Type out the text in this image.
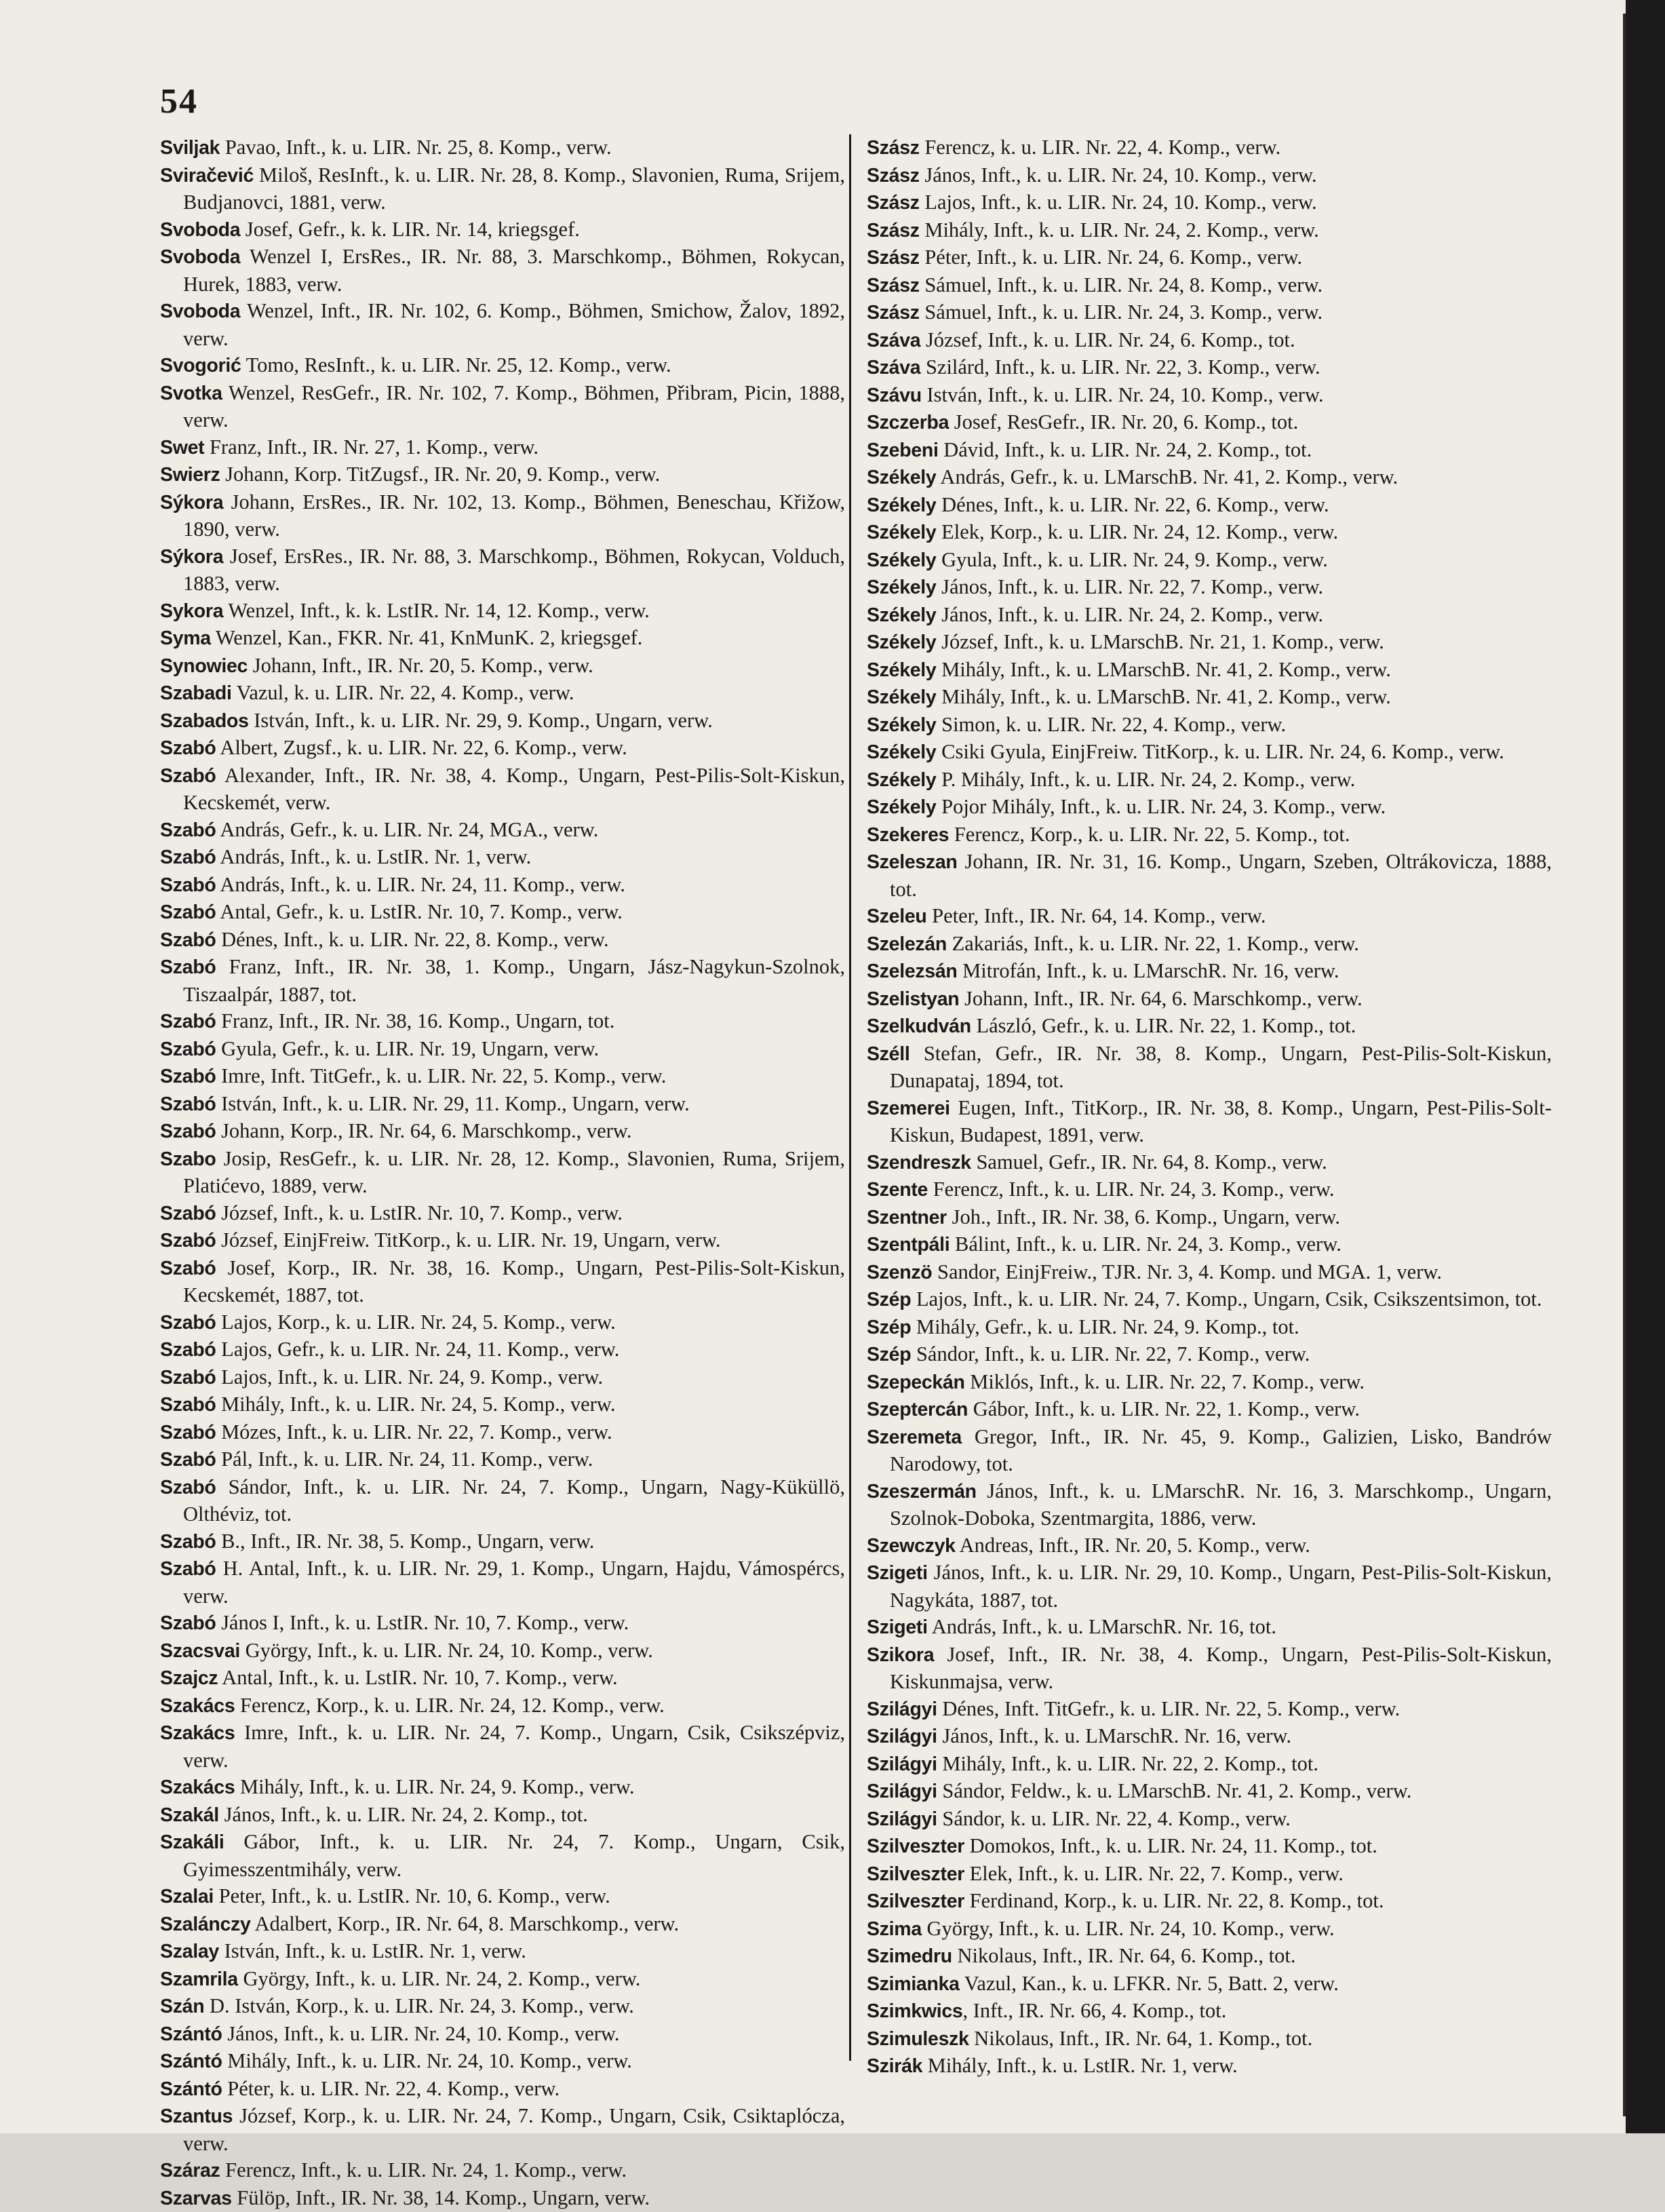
54
Sviljak Pavao, Inft., k. u. LIR. Nr. 25, 8. Komp., verw.
Sviračević Miloš, ResInft., k. u. LIR. Nr. 28, 8. Komp., Slavonien, Ruma, Srijem, Budjanovci, 1881, verw.
Svoboda Josef, Gefr., k. k. LIR. Nr. 14, kriegsgef.
Svoboda Wenzel I, ErsRes., IR. Nr. 88, 3. Marschkomp., Böhmen, Rokycan, Hurek, 1883, verw.
Svoboda Wenzel, Inft., IR. Nr. 102, 6. Komp., Böhmen, Smichow, Žalov, 1892, verw.
Svogorić Tomo, ResInft., k. u. LIR. Nr. 25, 12. Komp., verw.
Svotka Wenzel, ResGefr., IR. Nr. 102, 7. Komp., Böhmen, Přibram, Picin, 1888, verw.
Swet Franz, Inft., IR. Nr. 27, 1. Komp., verw.
Swierz Johann, Korp. TitZugsf., IR. Nr. 20, 9. Komp., verw.
Sýkora Johann, ErsRes., IR. Nr. 102, 13. Komp., Böhmen, Beneschau, Křižow, 1890, verw.
Sýkora Josef, ErsRes., IR. Nr. 88, 3. Marschkomp., Böhmen, Rokycan, Volduch, 1883, verw.
Sykora Wenzel, Inft., k. k. LstIR. Nr. 14, 12. Komp., verw.
Syma Wenzel, Kan., FKR. Nr. 41, KnMunK. 2, kriegsgef.
Synowiec Johann, Inft., IR. Nr. 20, 5. Komp., verw.
Szabadi Vazul, k. u. LIR. Nr. 22, 4. Komp., verw.
Szabados István, Inft., k. u. LIR. Nr. 29, 9. Komp., Ungarn, verw.
Szabó Albert, Zugsf., k. u. LIR. Nr. 22, 6. Komp., verw.
Szabó Alexander, Inft., IR. Nr. 38, 4. Komp., Ungarn, Pest-Pilis-Solt-Kiskun, Kecskemét, verw.
Szabó András, Gefr., k. u. LIR. Nr. 24, MGA., verw.
Szabó András, Inft., k. u. LstIR. Nr. 1, verw.
Szabó András, Inft., k. u. LIR. Nr. 24, 11. Komp., verw.
Szabó Antal, Gefr., k. u. LstIR. Nr. 10, 7. Komp., verw.
Szabó Dénes, Inft., k. u. LIR. Nr. 22, 8. Komp., verw.
Szabó Franz, Inft., IR. Nr. 38, 1. Komp., Ungarn, Jász-Nagykun-Szolnok, Tiszaalpár, 1887, tot.
Szabó Franz, Inft., IR. Nr. 38, 16. Komp., Ungarn, tot.
Szabó Gyula, Gefr., k. u. LIR. Nr. 19, Ungarn, verw.
Szabó Imre, Inft. TitGefr., k. u. LIR. Nr. 22, 5. Komp., verw.
Szabó István, Inft., k. u. LIR. Nr. 29, 11. Komp., Ungarn, verw.
Szabó Johann, Korp., IR. Nr. 64, 6. Marschkomp., verw.
Szabo Josip, ResGefr., k. u. LIR. Nr. 28, 12. Komp., Slavonien, Ruma, Srijem, Platićevo, 1889, verw.
Szabó József, Inft., k. u. LstIR. Nr. 10, 7. Komp., verw.
Szabó József, EinjFreiw. TitKorp., k. u. LIR. Nr. 19, Ungarn, verw.
Szabó Josef, Korp., IR. Nr. 38, 16. Komp., Ungarn, Pest-Pilis-Solt-Kiskun, Kecskemét, 1887, tot.
Szabó Lajos, Korp., k. u. LIR. Nr. 24, 5. Komp., verw.
Szabó Lajos, Gefr., k. u. LIR. Nr. 24, 11. Komp., verw.
Szabó Lajos, Inft., k. u. LIR. Nr. 24, 9. Komp., verw.
Szabó Mihály, Inft., k. u. LIR. Nr. 24, 5. Komp., verw.
Szabó Mózes, Inft., k. u. LIR. Nr. 22, 7. Komp., verw.
Szabó Pál, Inft., k. u. LIR. Nr. 24, 11. Komp., verw.
Szabó Sándor, Inft., k. u. LIR. Nr. 24, 7. Komp., Ungarn, Nagy-Küküllö, Olthéviz, tot.
Szabó B., Inft., IR. Nr. 38, 5. Komp., Ungarn, verw.
Szabó H. Antal, Inft., k. u. LIR. Nr. 29, 1. Komp., Ungarn, Hajdu, Vámospércs, verw.
Szabó János I, Inft., k. u. LstIR. Nr. 10, 7. Komp., verw.
Szacsvai György, Inft., k. u. LIR. Nr. 24, 10. Komp., verw.
Szajcz Antal, Inft., k. u. LstIR. Nr. 10, 7. Komp., verw.
Szakács Ferencz, Korp., k. u. LIR. Nr. 24, 12. Komp., verw.
Szakács Imre, Inft., k. u. LIR. Nr. 24, 7. Komp., Ungarn, Csik, Csikszépviz, verw.
Szakács Mihály, Inft., k. u. LIR. Nr. 24, 9. Komp., verw.
Szakál János, Inft., k. u. LIR. Nr. 24, 2. Komp., tot.
Szakáli Gábor, Inft., k. u. LIR. Nr. 24, 7. Komp., Ungarn, Csik, Gyimesszentmihály, verw.
Szalai Peter, Inft., k. u. LstIR. Nr. 10, 6. Komp., verw.
Szalánczy Adalbert, Korp., IR. Nr. 64, 8. Marschkomp., verw.
Szalay István, Inft., k. u. LstIR. Nr. 1, verw.
Szamrila György, Inft., k. u. LIR. Nr. 24, 2. Komp., verw.
Szán D. István, Korp., k. u. LIR. Nr. 24, 3. Komp., verw.
Szántó János, Inft., k. u. LIR. Nr. 24, 10. Komp., verw.
Szántó Mihály, Inft., k. u. LIR. Nr. 24, 10. Komp., verw.
Szántó Péter, k. u. LIR. Nr. 22, 4. Komp., verw.
Szantus József, Korp., k. u. LIR. Nr. 24, 7. Komp., Ungarn, Csik, Csiktaplócza, verw.
Száraz Ferencz, Inft., k. u. LIR. Nr. 24, 1. Komp., verw.
Szarvas Fülöp, Inft., IR. Nr. 38, 14. Komp., Ungarn, verw.
Szász Ferencz, k. u. LIR. Nr. 22, 4. Komp., verw.
Szász János, Inft., k. u. LIR. Nr. 24, 10. Komp., verw.
Szász Lajos, Inft., k. u. LIR. Nr. 24, 10. Komp., verw.
Szász Mihály, Inft., k. u. LIR. Nr. 24, 2. Komp., verw.
Szász Péter, Inft., k. u. LIR. Nr. 24, 6. Komp., verw.
Szász Sámuel, Inft., k. u. LIR. Nr. 24, 8. Komp., verw.
Szász Sámuel, Inft., k. u. LIR. Nr. 24, 3. Komp., verw.
Száva József, Inft., k. u. LIR. Nr. 24, 6. Komp., tot.
Száva Szilárd, Inft., k. u. LIR. Nr. 22, 3. Komp., verw.
Szávu István, Inft., k. u. LIR. Nr. 24, 10. Komp., verw.
Szczerba Josef, ResGefr., IR. Nr. 20, 6. Komp., tot.
Szebeni Dávid, Inft., k. u. LIR. Nr. 24, 2. Komp., tot.
Székely András, Gefr., k. u. LMarschB. Nr. 41, 2. Komp., verw.
Székely Dénes, Inft., k. u. LIR. Nr. 22, 6. Komp., verw.
Székely Elek, Korp., k. u. LIR. Nr. 24, 12. Komp., verw.
Székely Gyula, Inft., k. u. LIR. Nr. 24, 9. Komp., verw.
Székely János, Inft., k. u. LIR. Nr. 22, 7. Komp., verw.
Székely János, Inft., k. u. LIR. Nr. 24, 2. Komp., verw.
Székely József, Inft., k. u. LMarschB. Nr. 21, 1. Komp., verw.
Székely Mihály, Inft., k. u. LMarschB. Nr. 41, 2. Komp., verw.
Székely Mihály, Inft., k. u. LMarschB. Nr. 41, 2. Komp., verw.
Székely Simon, k. u. LIR. Nr. 22, 4. Komp., verw.
Székely Csiki Gyula, EinjFreiw. TitKorp., k. u. LIR. Nr. 24, 6. Komp., verw.
Székely P. Mihály, Inft., k. u. LIR. Nr. 24, 2. Komp., verw.
Székely Pojor Mihály, Inft., k. u. LIR. Nr. 24, 3. Komp., verw.
Szekeres Ferencz, Korp., k. u. LIR. Nr. 22, 5. Komp., tot.
Szeleszan Johann, IR. Nr. 31, 16. Komp., Ungarn, Szeben, Oltrákovicza, 1888, tot.
Szeleu Peter, Inft., IR. Nr. 64, 14. Komp., verw.
Szelezán Zakariás, Inft., k. u. LIR. Nr. 22, 1. Komp., verw.
Szelezsán Mitrofán, Inft., k. u. LMarschR. Nr. 16, verw.
Szelistyan Johann, Inft., IR. Nr. 64, 6. Marschkomp., verw.
Szelkudván László, Gefr., k. u. LIR. Nr. 22, 1. Komp., tot.
Széll Stefan, Gefr., IR. Nr. 38, 8. Komp., Ungarn, Pest-Pilis-Solt-Kiskun, Dunapataj, 1894, tot.
Szemerei Eugen, Inft., TitKorp., IR. Nr. 38, 8. Komp., Ungarn, Pest-Pilis-Solt-Kiskun, Budapest, 1891, verw.
Szendreszk Samuel, Gefr., IR. Nr. 64, 8. Komp., verw.
Szente Ferencz, Inft., k. u. LIR. Nr. 24, 3. Komp., verw.
Szentner Joh., Inft., IR. Nr. 38, 6. Komp., Ungarn, verw.
Szentpáli Bálint, Inft., k. u. LIR. Nr. 24, 3. Komp., verw.
Szenzö Sandor, EinjFreiw., TJR. Nr. 3, 4. Komp. und MGA. 1, verw.
Szép Lajos, Inft., k. u. LIR. Nr. 24, 7. Komp., Ungarn, Csik, Csikszentsimon, tot.
Szép Mihály, Gefr., k. u. LIR. Nr. 24, 9. Komp., tot.
Szép Sándor, Inft., k. u. LIR. Nr. 22, 7. Komp., verw.
Szepeckán Miklós, Inft., k. u. LIR. Nr. 22, 7. Komp., verw.
Szeptercán Gábor, Inft., k. u. LIR. Nr. 22, 1. Komp., verw.
Szeremeta Gregor, Inft., IR. Nr. 45, 9. Komp., Galizien, Lisko, Bandrów Narodowy, tot.
Szeszermán János, Inft., k. u. LMarschR. Nr. 16, 3. Marschkomp., Ungarn, Szolnok-Doboka, Szentmargita, 1886, verw.
Szewczyk Andreas, Inft., IR. Nr. 20, 5. Komp., verw.
Szigeti János, Inft., k. u. LIR. Nr. 29, 10. Komp., Ungarn, Pest-Pilis-Solt-Kiskun, Nagykáta, 1887, tot.
Szigeti András, Inft., k. u. LMarschR. Nr. 16, tot.
Szikora Josef, Inft., IR. Nr. 38, 4. Komp., Ungarn, Pest-Pilis-Solt-Kiskun, Kiskunmajsa, verw.
Szilágyi Dénes, Inft. TitGefr., k. u. LIR. Nr. 22, 5. Komp., verw.
Szilágyi János, Inft., k. u. LMarschR. Nr. 16, verw.
Szilágyi Mihály, Inft., k. u. LIR. Nr. 22, 2. Komp., tot.
Szilágyi Sándor, Feldw., k. u. LMarschB. Nr. 41, 2. Komp., verw.
Szilágyi Sándor, k. u. LIR. Nr. 22, 4. Komp., verw.
Szilveszter Domokos, Inft., k. u. LIR. Nr. 24, 11. Komp., tot.
Szilveszter Elek, Inft., k. u. LIR. Nr. 22, 7. Komp., verw.
Szilveszter Ferdinand, Korp., k. u. LIR. Nr. 22, 8. Komp., tot.
Szima György, Inft., k. u. LIR. Nr. 24, 10. Komp., verw.
Szimedru Nikolaus, Inft., IR. Nr. 64, 6. Komp., tot.
Szimianka Vazul, Kan., k. u. LFKR. Nr. 5, Batt. 2, verw.
Szimkwics, Inft., IR. Nr. 66, 4. Komp., tot.
Szimuleszk Nikolaus, Inft., IR. Nr. 64, 1. Komp., tot.
Szirák Mihály, Inft., k. u. LstIR. Nr. 1, verw.
